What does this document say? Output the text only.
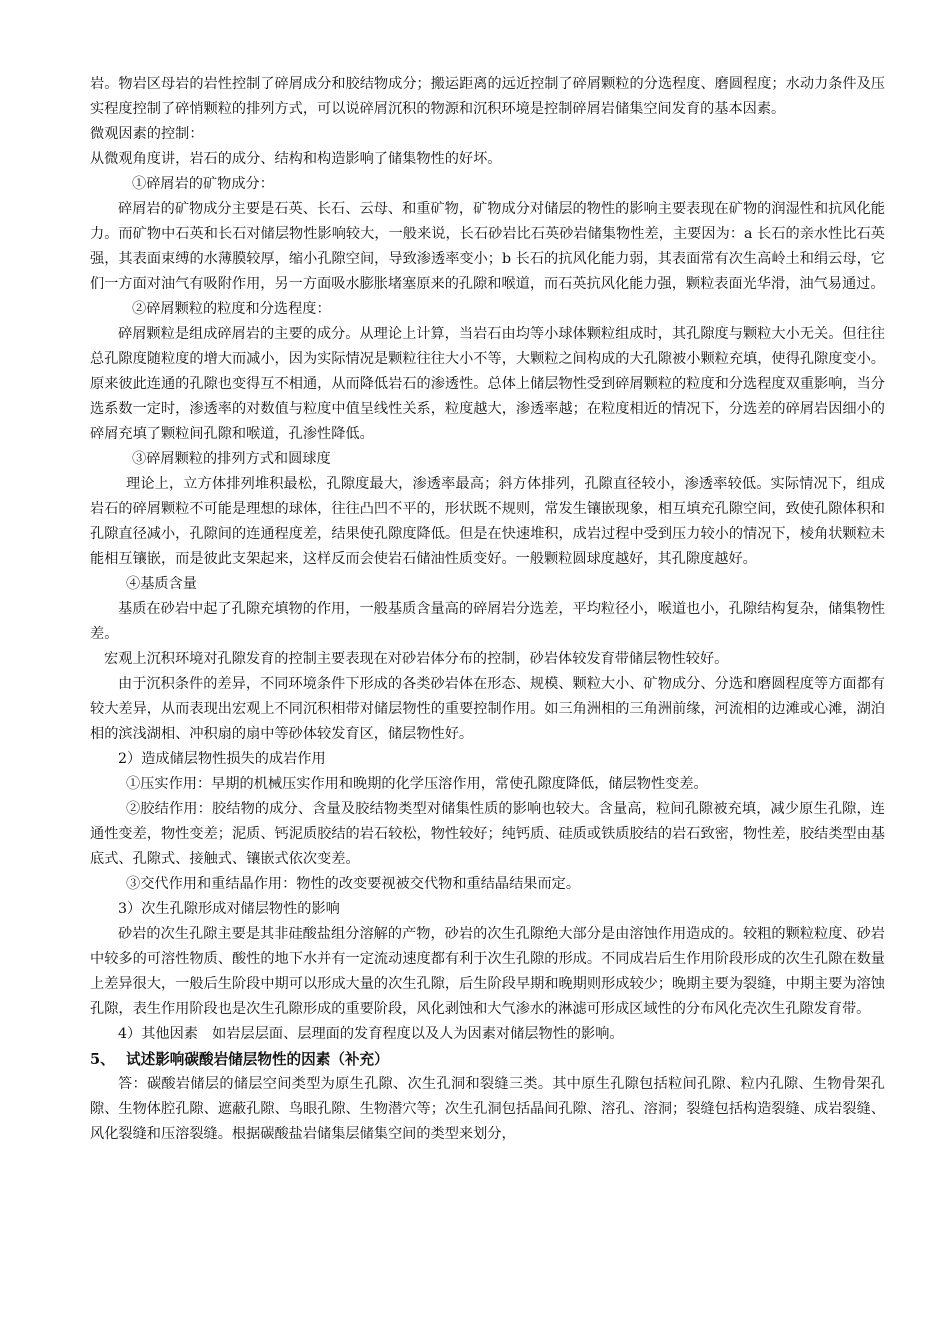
岩。物岩区母岩的岩性控制了碎屑成分和胶结物成分；搬运距离的远近控制了碎屑颗粒的分选程度、磨圆程度；水动力条件及压实程度控制了碎悄颗粒的排列方式，可以说碎屑沉积的物源和沉积环境是控制碎屑岩储集空间发育的基本因素。

微观因素的控制：

从微观角度讲，岩石的成分、结构和构造影响了储集物性的好坏。

①碎屑岩的矿物成分：

碎屑岩的矿物成分主要是石英、长石、云母、和重矿物，矿物成分对储层的物性的影响主要表现在矿物的润湿性和抗风化能力。而矿物中石英和长石对储层物性影响较大，一般来说，长石砂岩比石英砂岩储集物性差，主要因为：a 长石的亲水性比石英强，其表面束缚的水薄膜较厚，缩小孔隙空间，导致渗透率变小；b 长石的抗风化能力弱，其表面常有次生高岭土和绢云母，它们一方面对油气有吸附作用，另一方面吸水膨胀堵塞原来的孔隙和喉道，而石英抗风化能力强，颗粒表面光华滑，油气易通过。

②碎屑颗粒的粒度和分选程度：

碎屑颗粒是组成碎屑岩的主要的成分。从理论上计算，当岩石由均等小球体颗粒组成时，其孔隙度与颗粒大小无关。但往往总孔隙度随粒度的增大而减小，因为实际情况是颗粒往往大小不等，大颗粒之间构成的大孔隙被小颗粒充填，使得孔隙度变小。原来彼此连通的孔隙也变得互不相通，从而降低岩石的渗透性。总体上储层物性受到碎屑颗粒的粒度和分选程度双重影响，当分选系数一定时，渗透率的对数值与粒度中值呈线性关系，粒度越大，渗透率越；在粒度相近的情况下，分选差的碎屑岩因细小的碎屑充填了颗粒间孔隙和喉道，孔渗性降低。

③碎屑颗粒的排列方式和圆球度

理论上，立方体排列堆积最松，孔隙度最大，渗透率最高；斜方体排列，孔隙直径较小，渗透率较低。实际情况下，组成岩石的碎屑颗粒不可能是理想的球体，往往凸凹不平的，形状既不规则，常发生镶嵌现象，相互填充孔隙空间，致使孔隙体积和孔隙直径减小，孔隙间的连通程度差，结果使孔隙度降低。但是在快速堆积，成岩过程中受到压力较小的情况下，棱角状颗粒未能相互镶嵌，而是彼此支架起来，这样反而会使岩石储油性质变好。一般颗粒圆球度越好，其孔隙度越好。

④基质含量

基质在砂岩中起了孔隙充填物的作用，一般基质含量高的碎屑岩分选差，平均粒径小，喉道也小，孔隙结构复杂，储集物性差。

宏观上沉积环境对孔隙发育的控制主要表现在对砂岩体分布的控制，砂岩体较发育带储层物性较好。

由于沉积条件的差异，不同环境条件下形成的各类砂岩体在形态、规模、颗粒大小、矿物成分、分选和磨圆程度等方面都有较大差异，从而表现出宏观上不同沉积相带对储层物性的重要控制作用。如三角洲相的三角洲前缘，河流相的边滩或心滩，湖泊相的滨浅湖相、冲积扇的扇中等砂体较发育区，储层物性好。

2）造成储层物性损失的成岩作用

①压实作用：早期的机械压实作用和晚期的化学压溶作用，常使孔隙度降低，储层物性变差。

②胶结作用：胶结物的成分、含量及胶结物类型对储集性质的影响也较大。含量高，粒间孔隙被充填，减少原生孔隙，连通性变差，物性变差；泥质、钙泥质胶结的岩石较松，物性较好；纯钙质、硅质或铁质胶结的岩石致密，物性差，胶结类型由基底式、孔隙式、接触式、镶嵌式依次变差。

③交代作用和重结晶作用：物性的改变要视被交代物和重结晶结果而定。

3）次生孔隙形成对储层物性的影响

砂岩的次生孔隙主要是其非硅酸盐组分溶解的产物，砂岩的次生孔隙绝大部分是由溶蚀作用造成的。较粗的颗粒粒度、砂岩中较多的可溶性物质、酸性的地下水并有一定流动速度都有利于次生孔隙的形成。不同成岩后生作用阶段形成的次生孔隙在数量上差异很大，一般后生阶段中期可以形成大量的次生孔隙，后生阶段早期和晚期则形成较少；晚期主要为裂缝，中期主要为溶蚀孔隙，表生作用阶段也是次生孔隙形成的重要阶段，风化剥蚀和大气渗水的淋滤可形成区域性的分布风化壳次生孔隙发育带。

4）其他因素　如岩层层面、层理面的发育程度以及人为因素对储层物性的影响。

5、 试述影响碳酸岩储层物性的因素（补充）

答：碳酸岩储层的储层空间类型为原生孔隙、次生孔洞和裂缝三类。其中原生孔隙包括粒间孔隙、粒内孔隙、生物骨架孔隙、生物体腔孔隙、遮蔽孔隙、鸟眼孔隙、生物潜穴等；次生孔洞包括晶间孔隙、溶孔、溶洞；裂缝包括构造裂缝、成岩裂缝、风化裂缝和压溶裂缝。根据碳酸盐岩储集层储集空间的类型来划分，
